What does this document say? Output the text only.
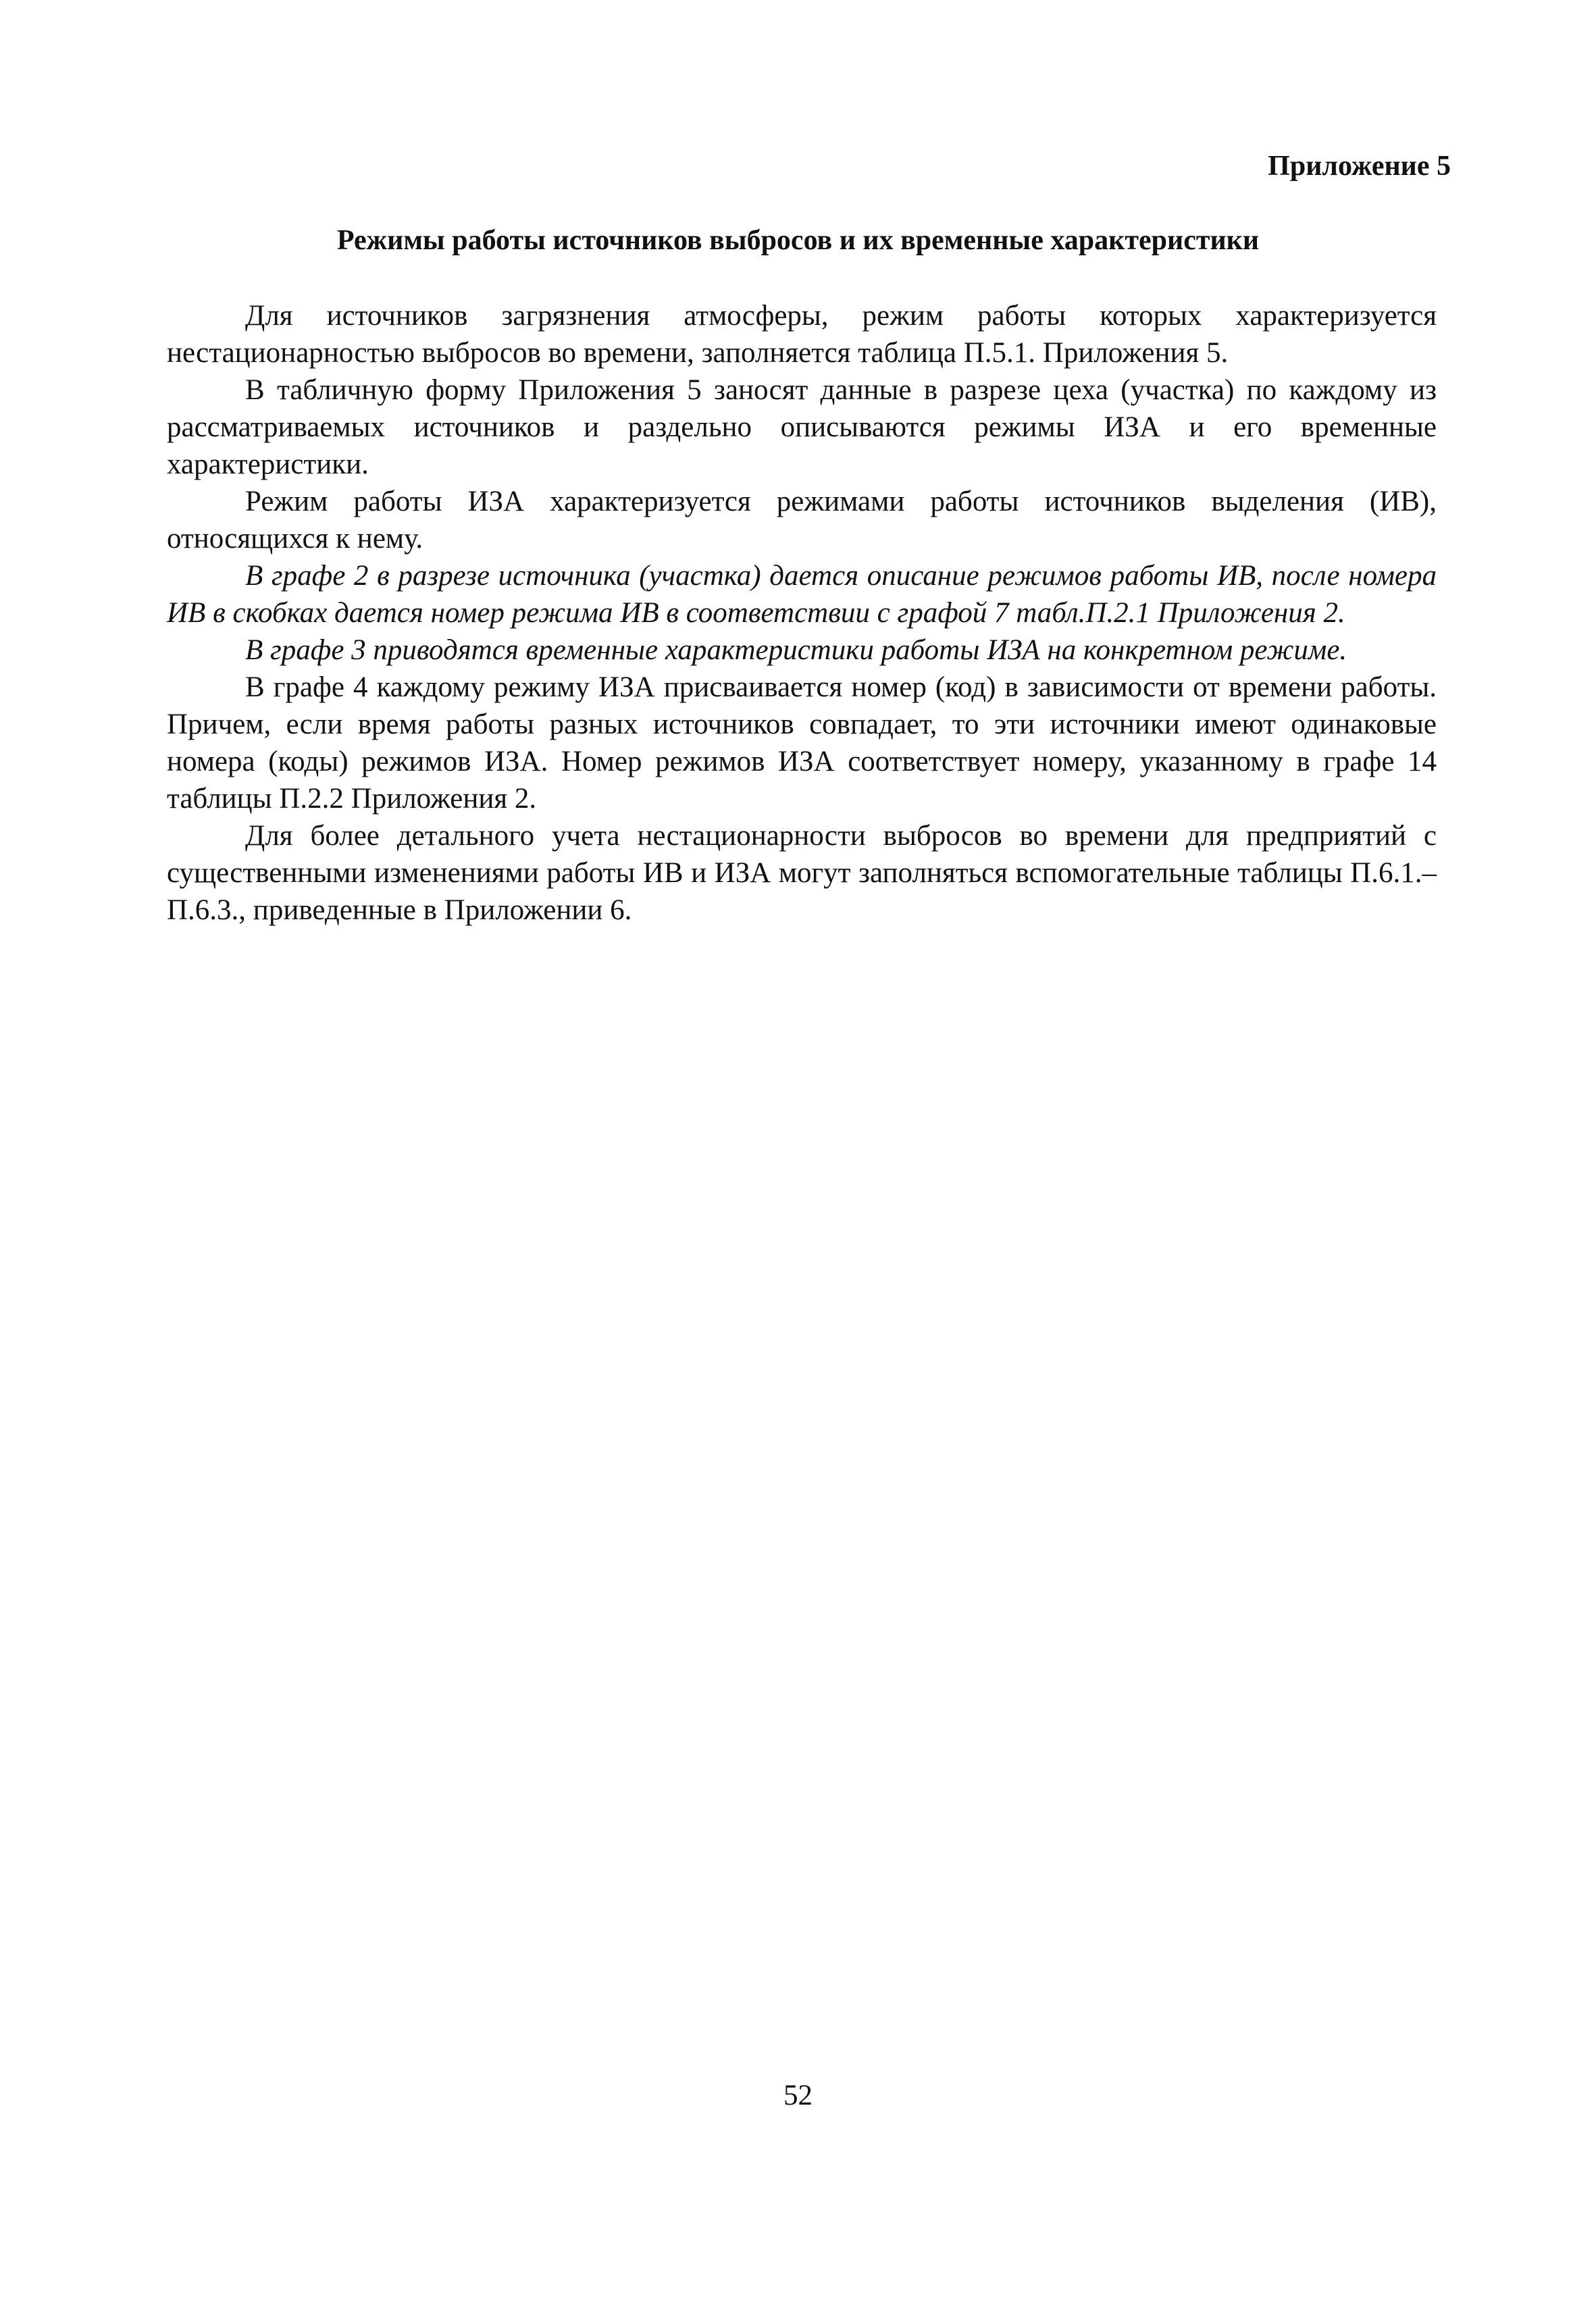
Приложение 5

Режимы работы источников выбросов и их временные характеристики

Для источников загрязнения атмосферы, режим работы которых характеризуется нестационарностью выбросов во времени, заполняется таблица П.5.1. Приложения 5.

В табличную форму Приложения 5 заносят данные в разрезе цеха (участка) по каждому из рассматриваемых источников и раздельно описываются режимы ИЗА и его временные характеристики.

Режим работы ИЗА характеризуется режимами работы источников выделения (ИВ), относящихся к нему.

В графе 2 в разрезе источника (участка) дается описание режимов работы ИВ, после номера ИВ в скобках дается номер режима ИВ в соответствии с графой 7 табл.П.2.1 Приложения 2.

В графе 3 приводятся временные характеристики работы ИЗА на конкретном режиме.

В графе 4 каждому режиму ИЗА присваивается номер (код) в зависимости от времени работы. Причем, если время работы разных источников совпадает, то эти источники имеют одинаковые номера (коды) режимов ИЗА. Номер режимов ИЗА соответствует номеру, указанному в графе 14 таблицы П.2.2 Приложения 2.

Для более детального учета нестационарности выбросов во времени для предприятий с существенными изменениями работы ИВ и ИЗА могут заполняться вспомогательные таблицы П.6.1.– П.6.3., приведенные в Приложении 6.

52
